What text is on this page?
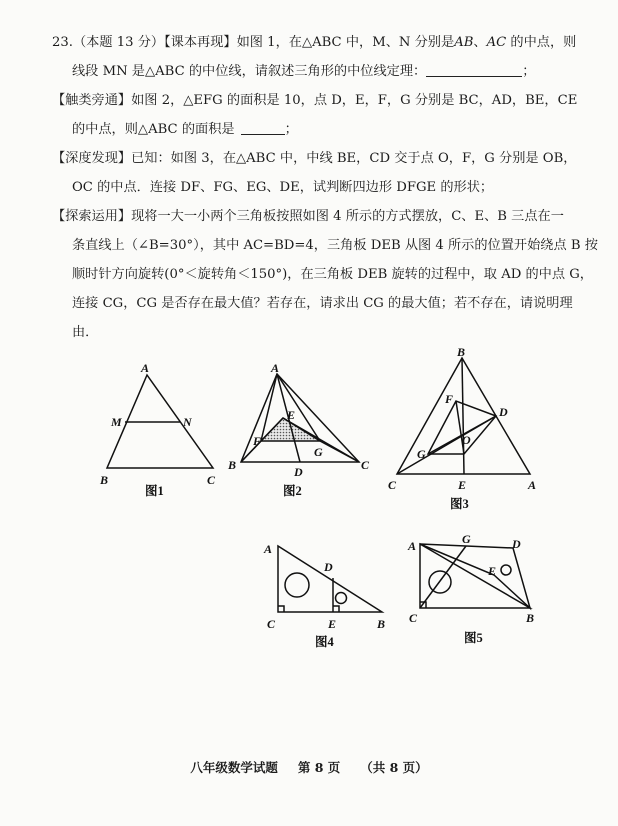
23.（本题 13 分）【课本再现】如图 1，在△ABC 中，M、N 分别是AB、AC 的中点，则
线段 MN 是△ABC 的中位线，请叙述三角形的中位线定理：	；
【触类旁通】如图 2，△EFG 的面积是 10，点 D，E，F，G 分别是 BC，AD，BE，CE
的中点，则△ABC 的面积是	；
【深度发现】已知：如图 3，在△ABC 中，中线 BE，CD 交于点 O，F，G 分别是 OB，
OC 的中点．连接 DF、FG、EG、DE，试判断四边形 DFGE 的形状；
【探索运用】现将一大一小两个三角板按照如图 4 所示的方式摆放，C、E、B 三点在一
条直线上（∠B=30°），其中 AC=BD=4，三角板 DEB 从图 4 所示的位置开始绕点 B 按
顺时针方向旋转(0°＜旋转角＜150°)，在三角板 DEB 旋转的过程中，取 AD 的中点 G，
连接 CG，CG 是否存在最大值？若存在，请求出 CG 的最大值；若不存在，请说明理
由．
A
M	N
B	C
图1
A
E
F
G
B	D	C
图2
B
F
D
O
G
C	E	A
图3
A
D
C	E	B
图4
A	G	D
E
C	B
图5
八年级数学试题 第 8 页 （共 8 页）
